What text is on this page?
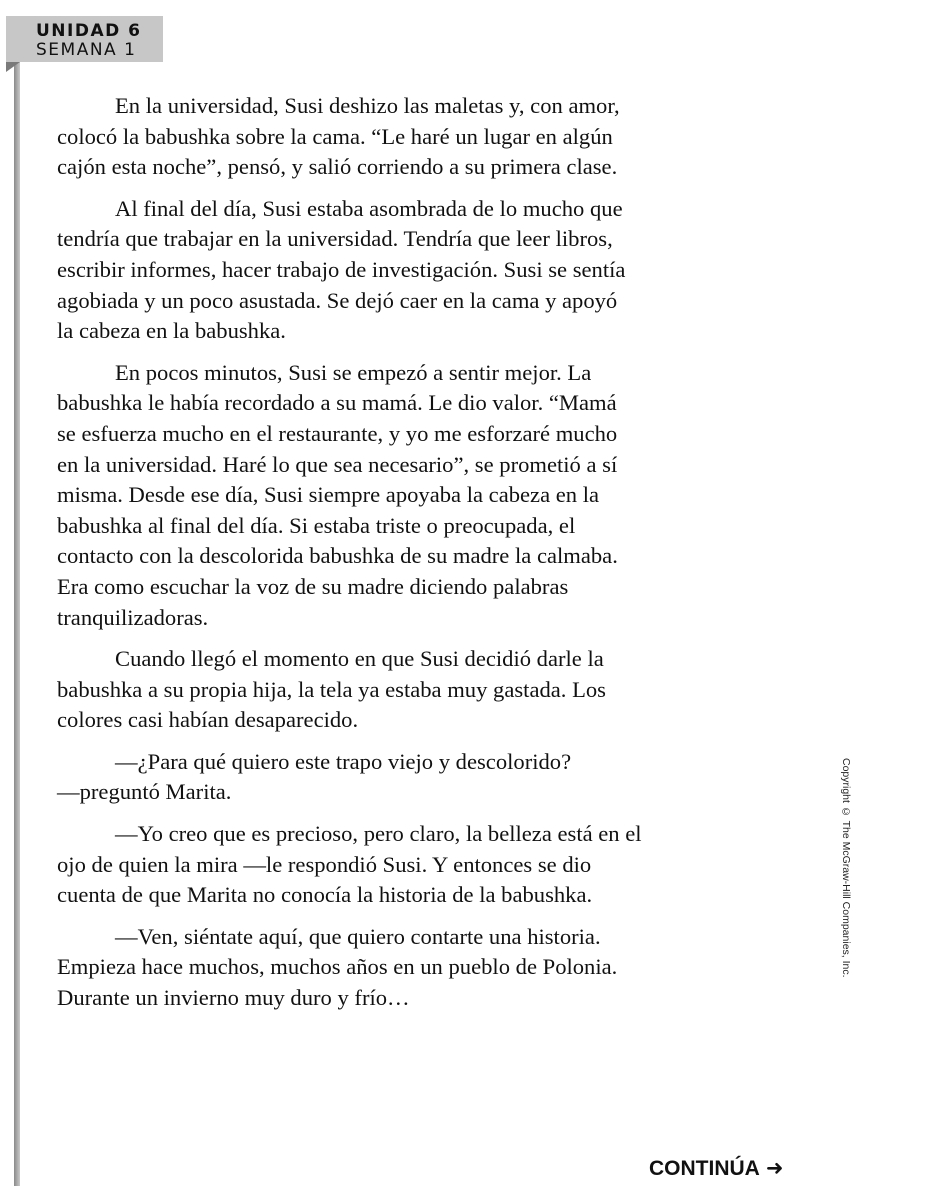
UNIDAD 6
SEMANA 1

En la universidad, Susi deshizo las maletas y, con amor,
colocó la babushka sobre la cama. “Le haré un lugar en algún
cajón esta noche”, pensó, y salió corriendo a su primera clase.

Al final del día, Susi estaba asombrada de lo mucho que
tendría que trabajar en la universidad. Tendría que leer libros,
escribir informes, hacer trabajo de investigación. Susi se sentía
agobiada y un poco asustada. Se dejó caer en la cama y apoyó
la cabeza en la babushka.

En pocos minutos, Susi se empezó a sentir mejor. La
babushka le había recordado a su mamá. Le dio valor. “Mamá
se esfuerza mucho en el restaurante, y yo me esforzaré mucho
en la universidad. Haré lo que sea necesario”, se prometió a sí
misma. Desde ese día, Susi siempre apoyaba la cabeza en la
babushka al final del día. Si estaba triste o preocupada, el
contacto con la descolorida babushka de su madre la calmaba.
Era como escuchar la voz de su madre diciendo palabras
tranquilizadoras.

Cuando llegó el momento en que Susi decidió darle la
babushka a su propia hija, la tela ya estaba muy gastada. Los
colores casi habían desaparecido.

—¿Para qué quiero este trapo viejo y descolorido?
—preguntó Marita.

—Yo creo que es precioso, pero claro, la belleza está en el
ojo de quien la mira —le respondió Susi. Y entonces se dio
cuenta de que Marita no conocía la historia de la babushka.

—Ven, siéntate aquí, que quiero contarte una historia.
Empieza hace muchos, muchos años en un pueblo de Polonia.
Durante un invierno muy duro y frío…

Copyright © The McGraw-Hill Companies, Inc.
CONTINÚA ➜
